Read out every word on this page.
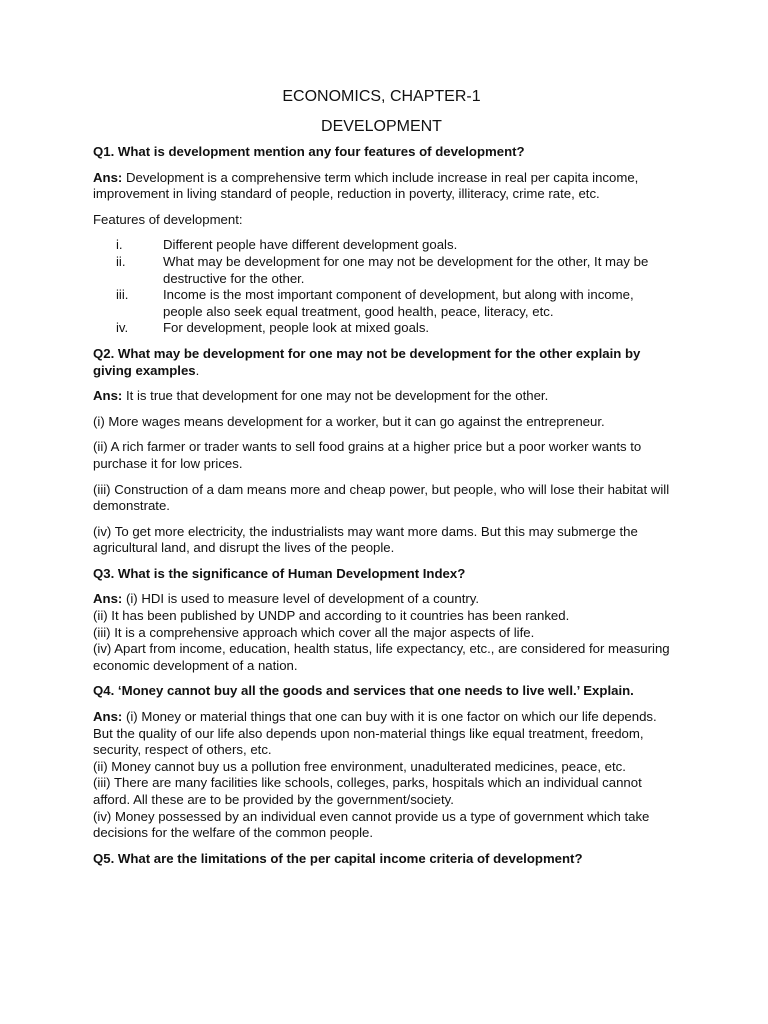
ECONOMICS, CHAPTER-1
DEVELOPMENT
Q1. What is development mention any four features of development?
Ans: Development is a comprehensive term which include increase in real per capita income, improvement in living standard of people, reduction in poverty, illiteracy, crime rate, etc.
Features of development:
i.	Different people have different development goals.
ii.	What may be development for one may not be development for the other, It may be destructive for the other.
iii.	Income is the most important component of development, but along with income, people also seek equal treatment, good health, peace, literacy, etc.
iv.	For development, people look at mixed goals.
Q2. What may be development for one may not be development for the other explain by giving examples.
Ans: It is true that development for one may not be development for the other.
(i) More wages means development for a worker, but it can go against the entrepreneur.
(ii) A rich farmer or trader wants to sell food grains at a higher price but a poor worker wants to purchase it for low prices.
(iii) Construction of a dam means more and cheap power, but people, who will lose their habitat will demonstrate.
(iv) To get more electricity, the industrialists may want more dams. But this may submerge the agricultural land, and disrupt the lives of the people.
Q3. What is the significance of Human Development Index?
Ans: (i) HDI is used to measure level of development of a country.
(ii) It has been published by UNDP and according to it countries has been ranked.
(iii) It is a comprehensive approach which cover all the major aspects of life.
(iv) Apart from income, education, health status, life expectancy, etc., are considered for measuring economic development of a nation.
Q4. ‘Money cannot buy all the goods and services that one needs to live well.’ Explain.
Ans: (i) Money or material things that one can buy with it is one factor on which our life depends. But the quality of our life also depends upon non-material things like equal treatment, freedom, security, respect of others, etc.
(ii) Money cannot buy us a pollution free environment, unadulterated medicines, peace, etc.
(iii) There are many facilities like schools, colleges, parks, hospitals which an individual cannot afford. All these are to be provided by the government/society.
(iv) Money possessed by an individual even cannot provide us a type of government which take decisions for the welfare of the common people.
Q5. What are the limitations of the per capital income criteria of development?
